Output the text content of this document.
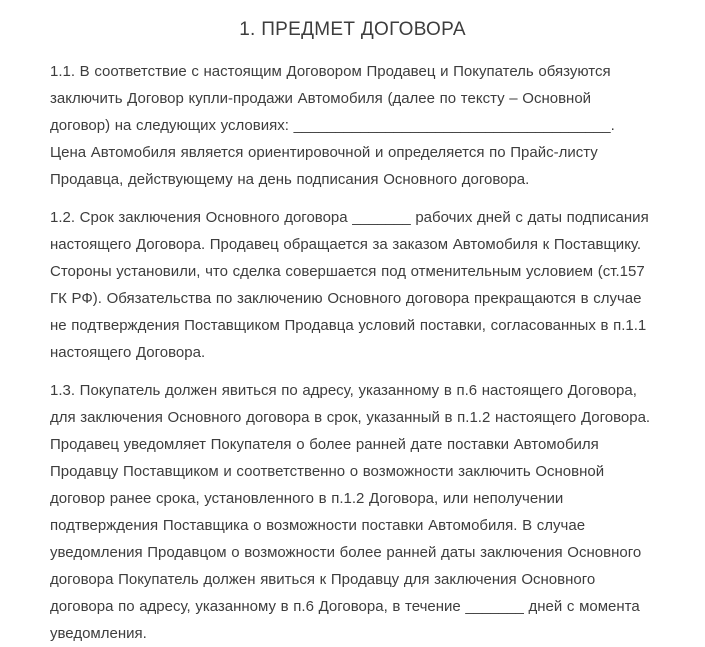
1. ПРЕДМЕТ ДОГОВОРА

1.1. В соответствие с настоящим Договором Продавец и Покупатель обязуются заключить Договор купли-продажи Автомобиля (далее по тексту – Основной договор) на следующих условиях: ______________________________________. Цена Автомобиля является ориентировочной и определяется по Прайс-листу Продавца, действующему на день подписания Основного договора.

1.2. Срок заключения Основного договора _______ рабочих дней с даты подписания настоящего Договора. Продавец обращается за заказом Автомобиля к Поставщику. Стороны установили, что сделка совершается под отменительным условием (ст.157 ГК РФ). Обязательства по заключению Основного договора прекращаются в случае не подтверждения Поставщиком Продавца условий поставки, согласованных в п.1.1 настоящего Договора.

1.3. Покупатель должен явиться по адресу, указанному в п.6 настоящего Договора, для заключения Основного договора в срок, указанный в п.1.2 настоящего Договора. Продавец уведомляет Покупателя о более ранней дате поставки Автомобиля Продавцу Поставщиком и соответственно о возможности заключить Основной договор ранее срока, установленного в п.1.2 Договора, или неполучении подтверждения Поставщика о возможности поставки Автомобиля. В случае уведомления Продавцом о возможности более ранней даты заключения Основного договора Покупатель должен явиться к Продавцу для заключения Основного договора по адресу, указанному в п.6 Договора, в течение _______ дней с момента уведомления.
